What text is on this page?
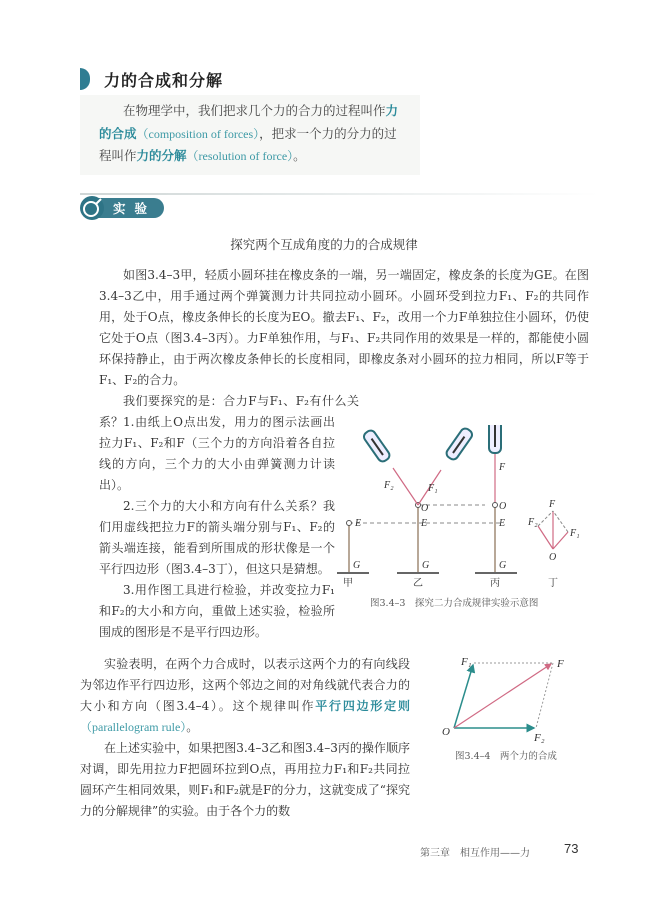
力的合成和分解
在物理学中，我们把求几个力的合力的过程叫作力的合成（composition of forces），把求一个力的分力的过程叫作力的分解（resolution of force）。
实验
探究两个互成角度的力的合成规律

如图3.4–3甲，轻质小圆环挂在橡皮条的一端，另一端固定，橡皮条的长度为GE。在图3.4–3乙中，用手通过两个弹簧测力计共同拉动小圆环。小圆环受到拉力F₁、F₂的共同作用，处于O点，橡皮条伸长的长度为EO。撤去F₁、F₂，改用一个力F单独拉住小圆环，仍使它处于O点（图3.4–3丙）。力F单独作用，与F₁、F₂共同作用的效果是一样的，都能使小圆环保持静止，由于两次橡皮条伸长的长度相同，即橡皮条对小圆环的拉力相同，所以F等于F₁、F₂的合力。

我们要探究的是：合力F与F₁、F₂有什么关系？ 1.由纸上O点出发，用力的图示法画出拉力F₁、F₂和F（三个力的方向沿着各自拉线的方向，三个力的大小由弹簧测力计读出）。

2.三个力的大小和方向有什么关系？我们用虚线把拉力F的箭头端分别与F₁、F₂的箭头端连接，能看到所围成的形状像是一个平行四边形（图3.4–3丁），但这只是猜想。

3.用作图工具进行检验，并改变拉力F₁和F₂的大小和方向，重做上述实验，检验所围成的图形是不是平行四边形。

E
G
E
O
G
F₂	F₁
E
O
G
F
F
F₂
F₁
O
甲	乙	丙	丁
图3.4–3　探究二力合成规律实验示意图

实验表明，在两个力合成时，以表示这两个力的有向线段为邻边作平行四边形，这两个邻边之间的对角线就代表合力的大小和方向（图3.4–4）。这个规律叫作平行四边形定则（parallelogram rule）。

在上述实验中，如果把图3.4–3乙和图3.4–3丙的操作顺序对调，即先用拉力F把圆环拉到O点，再用拉力F₁和F₂共同拉圆环产生相同效果，则F₁和F₂就是F的分力，这就变成了“探究力的分解规律”的实验。由于各个力的数

O
F₁	F
F₂
图3.4–4　两个力的合成
第三章　相互作用——力	73
